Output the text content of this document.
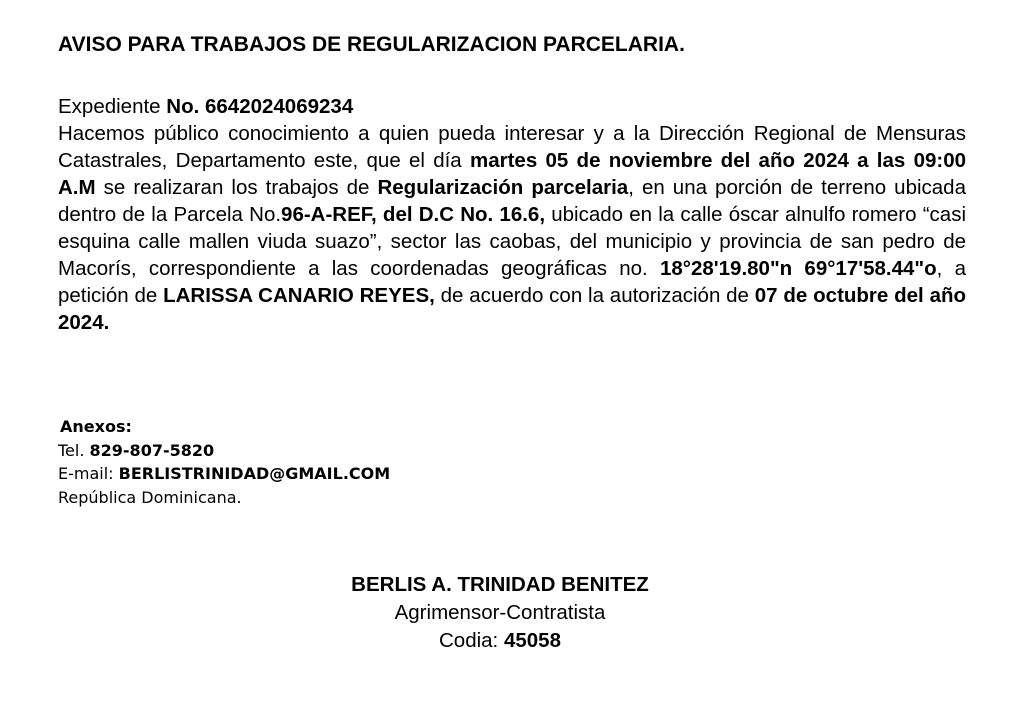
AVISO PARA TRABAJOS DE REGULARIZACION PARCELARIA.

Expediente No. 6642024069234

Hacemos público conocimiento a quien pueda interesar y a la Dirección Regional de Mensuras Catastrales, Departamento este, que el día martes 05 de noviembre del año 2024 a las 09:00 A.M se realizaran los trabajos de Regularización parcelaria, en una porción de terreno ubicada dentro de la Parcela No.96-A-REF, del D.C No. 16.6, ubicado en la calle óscar alnulfo romero “casi esquina calle mallen viuda suazo”, sector las caobas, del municipio y provincia de san pedro de Macorís, correspondiente a las coordenadas geográficas no. 18°28'19.80"n 69°17'58.44"o, a petición de LARISSA CANARIO REYES, de acuerdo con la autorización de 07 de octubre del año 2024.

Anexos:
Tel. 829-807-5820
E-mail: BERLISTRINIDAD@GMAIL.COM
República Dominicana.
BERLIS A. TRINIDAD BENITEZ
Agrimensor-Contratista
Codia: 45058
